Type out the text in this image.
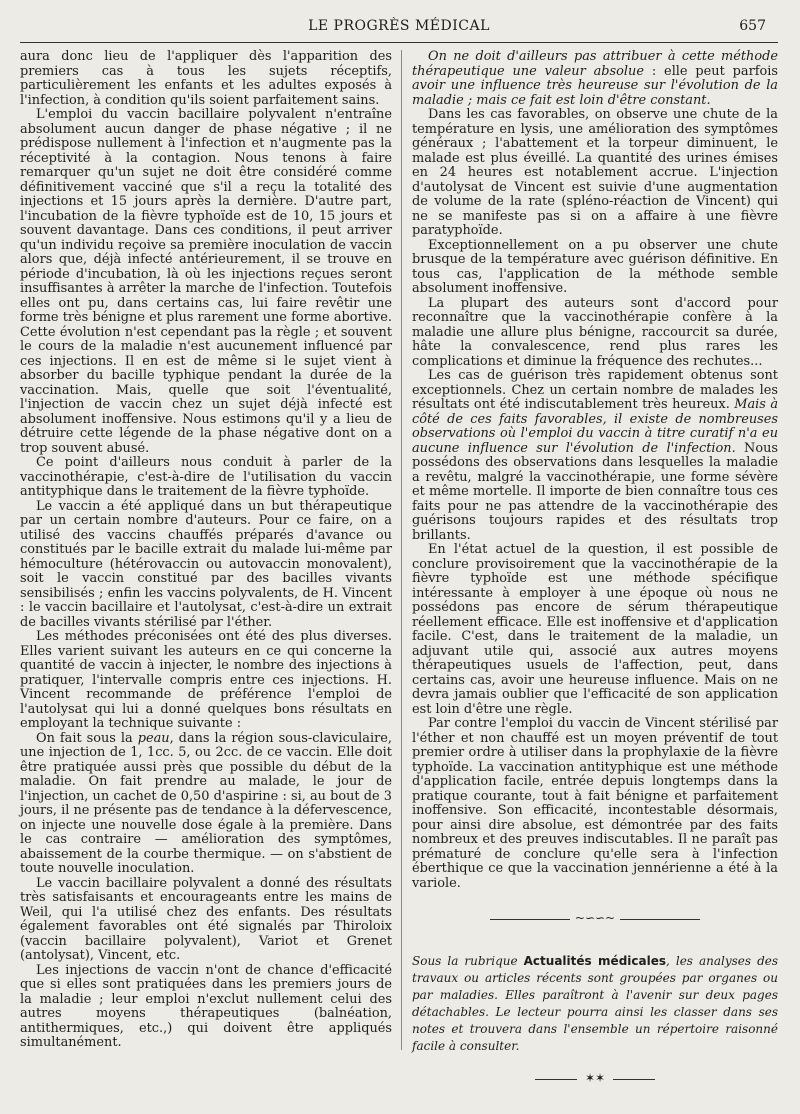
LE PROGRÈS MÉDICAL	657

aura donc lieu de l'appliquer dès l'apparition des premiers cas à tous les sujets réceptifs, particulièrement les enfants et les adultes exposés à l'infection, à condition qu'ils soient parfaitement sains.

L'emploi du vaccin bacillaire polyvalent n'entraîne absolument aucun danger de phase négative ; il ne prédispose nullement à l'infection et n'augmente pas la réceptivité à la contagion. Nous tenons à faire remarquer qu'un sujet ne doit être considéré comme définitivement vacciné que s'il a reçu la totalité des injections et 15 jours après la dernière. D'autre part, l'incubation de la fièvre typhoïde est de 10, 15 jours et souvent davantage. Dans ces conditions, il peut arriver qu'un individu reçoive sa première inoculation de vaccin alors que, déjà infecté antérieurement, il se trouve en période d'incubation, là où les injections reçues seront insuffisantes à arrêter la marche de l'infection. Toutefois elles ont pu, dans certains cas, lui faire revêtir une forme très bénigne et plus rarement une forme abortive. Cette évolution n'est cependant pas la règle ; et souvent le cours de la maladie n'est aucunement influencé par ces injections. Il en est de même si le sujet vient à absorber du bacille typhique pendant la durée de la vaccination. Mais, quelle que soit l'éventualité, l'injection de vaccin chez un sujet déjà infecté est absolument inoffensive. Nous estimons qu'il y a lieu de détruire cette légende de la phase négative dont on a trop souvent abusé.

Ce point d'ailleurs nous conduit à parler de la vaccinothérapie, c'est-à-dire de l'utilisation du vaccin antityphique dans le traitement de la fièvre typhoïde.

Le vaccin a été appliqué dans un but thérapeutique par un certain nombre d'auteurs. Pour ce faire, on a utilisé des vaccins chauffés préparés d'avance ou constitués par le bacille extrait du malade lui-même par hémoculture (hétérovaccin ou autovaccin monovalent), soit le vaccin constitué par des bacilles vivants sensibilisés ; enfin les vaccins polyvalents, de H. Vincent : le vaccin bacillaire et l'autolysat, c'est-à-dire un extrait de bacilles vivants stérilisé par l'éther.

Les méthodes préconisées ont été des plus diverses. Elles varient suivant les auteurs en ce qui concerne la quantité de vaccin à injecter, le nombre des injections à pratiquer, l'intervalle compris entre ces injections. H. Vincent recommande de préférence l'emploi de l'autolysat qui lui a donné quelques bons résultats en employant la technique suivante :

On fait sous la peau, dans la région sous-claviculaire, une injection de 1, 1cc. 5, ou 2cc. de ce vaccin. Elle doit être pratiquée aussi près que possible du début de la maladie. On fait prendre au malade, le jour de l'injection, un cachet de 0,50 d'aspirine : si, au bout de 3 jours, il ne présente pas de tendance à la défervescence, on injecte une nouvelle dose égale à la première. Dans le cas contraire — amélioration des symptômes, abaissement de la courbe thermique. — on s'abstient de toute nouvelle inoculation.

Le vaccin bacillaire polyvalent a donné des résultats très satisfaisants et encourageants entre les mains de Weil, qui l'a utilisé chez des enfants. Des résultats également favorables ont été signalés par Thiroloix (vaccin bacillaire polyvalent), Variot et Grenet (antolysat), Vincent, etc.

Les injections de vaccin n'ont de chance d'efficacité que si elles sont pratiquées dans les premiers jours de la maladie ; leur emploi n'exclut nullement celui des autres moyens thérapeutiques (balnéation, antithermiques, etc.,) qui doivent être appliqués simultanément.

On ne doit d'ailleurs pas attribuer à cette méthode thérapeutique une valeur absolue : elle peut parfois avoir une influence très heureuse sur l'évolution de la maladie ; mais ce fait est loin d'être constant.

Dans les cas favorables, on observe une chute de la température en lysis, une amélioration des symptômes généraux ; l'abattement et la torpeur diminuent, le malade est plus éveillé. La quantité des urines émises en 24 heures est notablement accrue. L'injection d'autolysat de Vincent est suivie d'une augmentation de volume de la rate (spléno-réaction de Vincent) qui ne se manifeste pas si on a affaire à une fièvre paratyphoïde.

Exceptionnellement on a pu observer une chute brusque de la température avec guérison définitive. En tous cas, l'application de la méthode semble absolument inoffensive.

La plupart des auteurs sont d'accord pour reconnaître que la vaccinothérapie confère à la maladie une allure plus bénigne, raccourcit sa durée, hâte la convalescence, rend plus rares les complications et diminue la fréquence des rechutes...

Les cas de guérison très rapidement obtenus sont exceptionnels. Chez un certain nombre de malades les résultats ont été indiscutablement très heureux. Mais à côté de ces faits favorables, il existe de nombreuses observations où l'emploi du vaccin à titre curatif n'a eu aucune influence sur l'évolution de l'infection. Nous possédons des observations dans lesquelles la maladie a revêtu, malgré la vaccinothérapie, une forme sévère et même mortelle. Il importe de bien connaître tous ces faits pour ne pas attendre de la vaccinothérapie des guérisons toujours rapides et des résultats trop brillants.

En l'état actuel de la question, il est possible de conclure provisoirement que la vaccinothérapie de la fièvre typhoïde est une méthode spécifique intéressante à employer à une époque où nous ne possédons pas encore de sérum thérapeutique réellement efficace. Elle est inoffensive et d'application facile. C'est, dans le traitement de la maladie, un adjuvant utile qui, associé aux autres moyens thérapeutiques usuels de l'affection, peut, dans certains cas, avoir une heureuse influence. Mais on ne devra jamais oublier que l'efficacité de son application est loin d'être une règle.

Par contre l'emploi du vaccin de Vincent stérilisé par l'éther et non chauffé est un moyen préventif de tout premier ordre à utiliser dans la prophylaxie de la fièvre typhoïde. La vaccination antityphique est une méthode d'application facile, entrée depuis longtemps dans la pratique courante, tout à fait bénigne et parfaitement inoffensive. Son efficacité, incontestable désormais, pour ainsi dire absolue, est démontrée par des faits nombreux et des preuves indiscutables. Il ne paraît pas prématuré de conclure qu'elle sera à l'infection éberthique ce que la vaccination jennérienne a été à la variole.

~∽∽~

Sous la rubrique Actualités médicales, les analyses des travaux ou articles récents sont groupées par organes ou par maladies. Elles paraîtront à l'avenir sur deux pages détachables. Le lecteur pourra ainsi les classer dans ses notes et trouvera dans l'ensemble un répertoire raisonné facile à consulter.

✶✶
